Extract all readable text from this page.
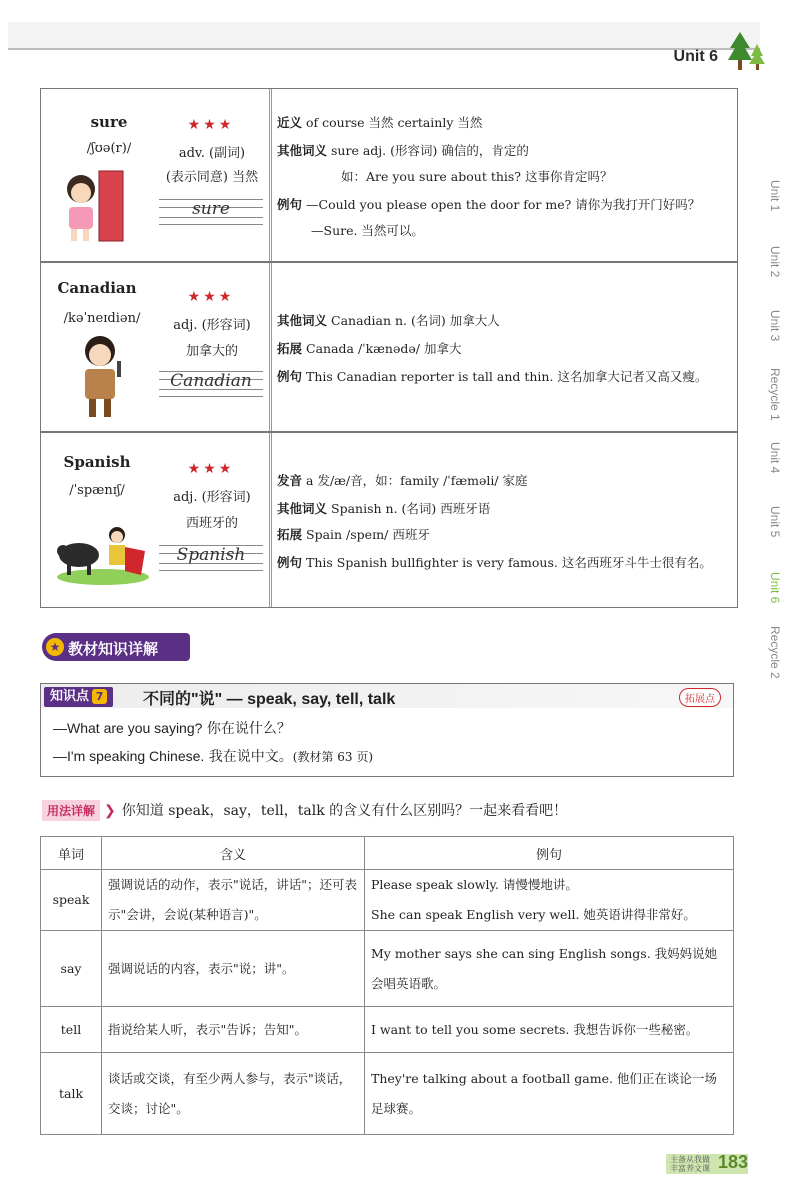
Unit 6
Unit 1
Unit 2
Unit 3
Recycle 1
Unit 4
Unit 5
Unit 6
Recycle 2
sure
/ʃʊə(r)/
★★★
adv. (副词)
(表示同意) 当然
sure
近义 of course 当然 certainly 当然
其他词义 sure adj. (形容词) 确信的，肯定的
如：Are you sure about this? 这事你肯定吗？
例句 —Could you please open the door for me? 请你为我打开门好吗？
—Sure. 当然可以。
Canadian
/kəˈneɪdiən/
★★★
adj. (形容词)
加拿大的
Canadian
其他词义 Canadian n. (名词) 加拿大人
拓展 Canada /ˈkænədə/ 加拿大
例句 This Canadian reporter is tall and thin. 这名加拿大记者又高又瘦。
Spanish
/ˈspænɪʃ/
★★★
adj. (形容词)
西班牙的
Spanish
发音 a 发/æ/音，如：family /ˈfæməli/ 家庭
其他词义 Spanish n. (名词) 西班牙语
拓展 Spain /speɪn/ 西班牙
例句 This Spanish bullfighter is very famous. 这名西班牙斗牛士很有名。
★ 教材知识详解
知识点 7	不同的"说" — speak, say, tell, talk	拓展点
—What are you saying? 你在说什么？
—I'm speaking Chinese. 我在说中文。(教材第 63 页)
用法详解 ❯ 你知道 speak，say，tell，talk 的含义有什么区别吗？一起来看看吧！
单词	含义	例句
speak	强调说话的动作，表示"说话，讲话"；还可表示"会讲，会说(某种语言)"。	Please speak slowly. 请慢慢地讲。
She can speak English very well. 她英语讲得非常好。

say	强调说话的内容，表示"说；讲"。	My mother says she can sing English songs. 我妈妈说她会唱英语歌。

tell	指说给某人听，表示"告诉；告知"。	I want to tell you some secrets. 我想告诉你一些秘密。

talk	谈话或交谈，有至少两人参与，表示"谈话，交谈；讨论"。	They're talking about a football game. 他们正在谈论一场足球赛。
主备从我做
丰富养文课 183
